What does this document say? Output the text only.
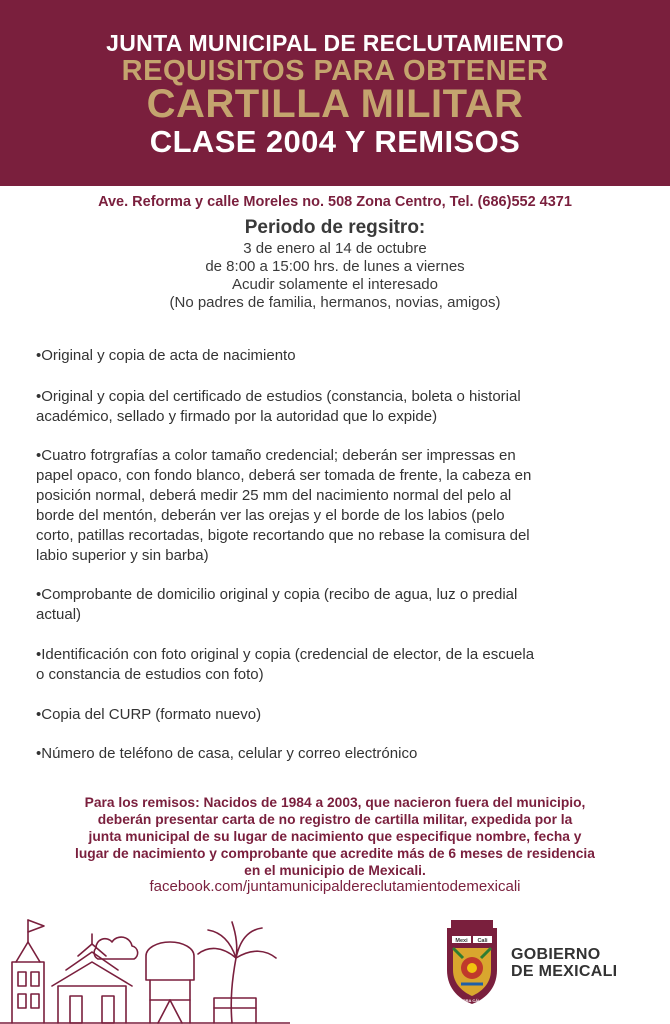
JUNTA MUNICIPAL DE RECLUTAMIENTO
REQUISITOS PARA OBTENER
CARTILLA MILITAR
CLASE 2004 Y REMISOS
Ave. Reforma y calle Moreles no. 508 Zona Centro, Tel. (686)552 4371
Periodo de regsitro:
3 de enero al 14 de octubre
de 8:00 a 15:00 hrs. de lunes a viernes
Acudir solamente el interesado
(No padres de familia, hermanos, novias, amigos)
•Original y copia de acta de nacimiento
•Original y copia del certificado de estudios (constancia, boleta o historial
académico, sellado y firmado por la autoridad que lo expide)
•Cuatro fotrgrafías a color tamaño credencial; deberán ser impressas en
papel opaco, con fondo blanco, deberá ser tomada de frente, la cabeza en
posición normal, deberá medir 25 mm del nacimiento normal del pelo al
borde del mentón, deberán ver las orejas y el borde de los labios (pelo
corto, patillas recortadas, bigote recortando que no rebase la comisura del
labio superior y sin barba)
•Comprobante de domicilio original y copia (recibo de agua, luz o predial
actual)
•Identificación con foto original y copia (credencial de elector, de la escuela
o constancia de estudios con foto)
•Copia del CURP (formato nuevo)
•Número de teléfono de casa, celular y correo electrónico
Para los remisos: Nacidos de 1984 a 2003, que nacieron fuera del municipio,
deberán presentar carta de no registro de cartilla militar, expedida por la
junta municipal de su lugar de nacimiento que especifique nombre, fecha y
lugar de nacimiento y comprobante que acredite más de 6 meses de residencia
en el municipio de Mexicali.
facebook.com/juntamunicipaldereclutamientodemexicali
Mexi Cali
TIERRA CÁLIDA
GOBIERNO
DE MEXICALI
